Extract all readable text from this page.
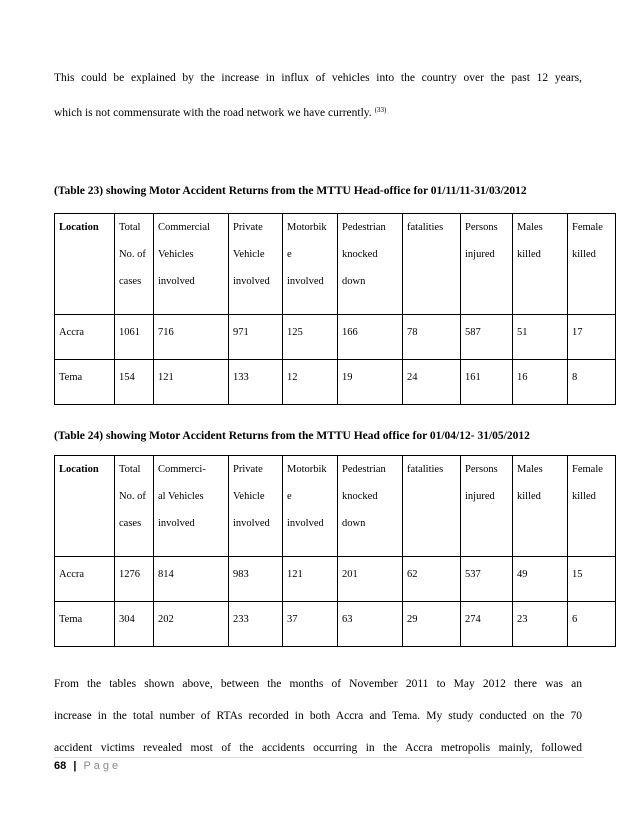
This could be explained by the increase in influx of vehicles into the country over the past 12 years,
which is not commensurate with the road network we have currently. $^{(33)}$
(Table 23) showing Motor Accident Returns from the MTTU Head-office for 01/11/11-31/03/2012
Location	Total
No. of
cases	Commercial
Vehicles
involved	Private
Vehicle
involved	Motorbik
e
involved	Pedestrian
knocked
down	fatalities	Persons
injured	Males
killed	Female
killed

Accra	1061	716	971	125	166	78	587	51	17
Tema	154	121	133	12	19	24	161	16	8
(Table 24) showing Motor Accident Returns from the MTTU Head office for 01/04/12- 31/05/2012
Location	Total
No. of
cases	Commerci-
al Vehicles
involved	Private
Vehicle
involved	Motorbik
e
involved	Pedestrian
knocked
down	fatalities	Persons
injured	Males
killed	Female
killed

Accra	1276	814	983	121	201	62	537	49	15
Tema	304	202	233	37	63	29	274	23	6
From the tables shown above, between the months of November 2011 to May 2012 there was an
increase in the total number of RTAs recorded in both Accra and Tema. My study conducted on the 70
accident victims revealed most of the accidents occurring in the Accra metropolis mainly, followed
68 | Page
